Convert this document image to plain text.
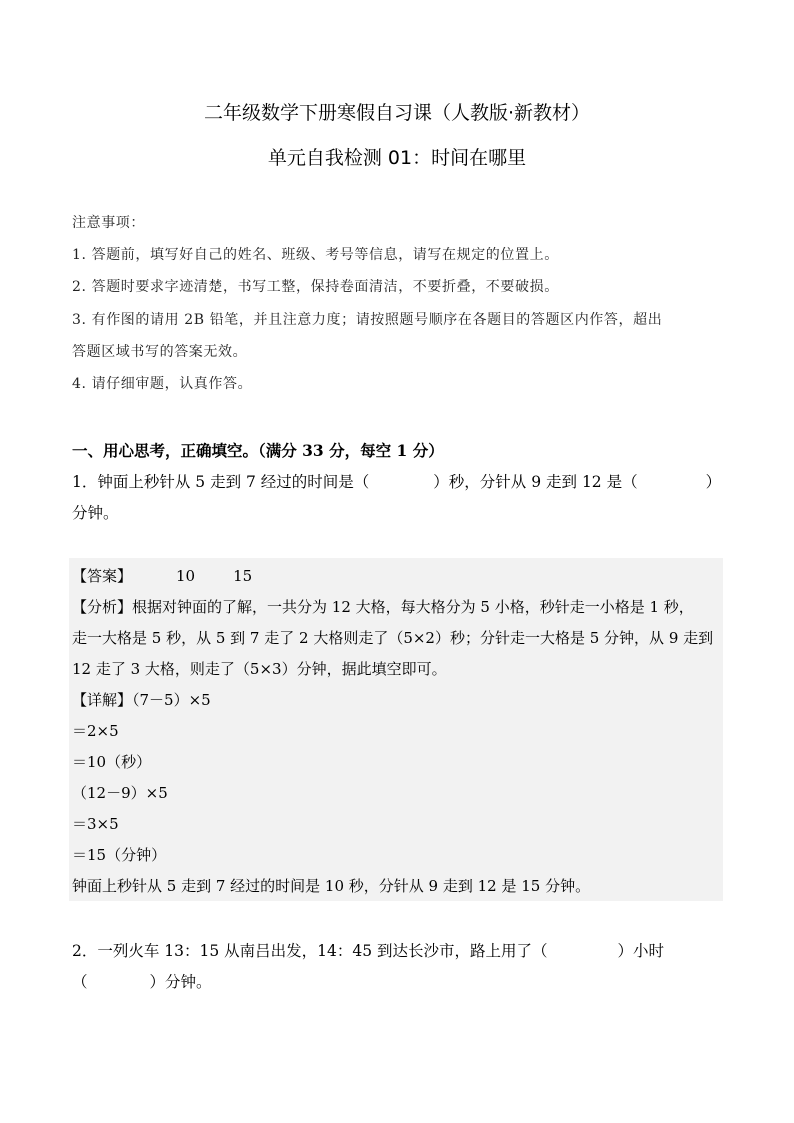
二年级数学下册寒假自习课（人教版·新教材）
单元自我检测 01：时间在哪里
注意事项：
1. 答题前，填写好自己的姓名、班级、考号等信息，请写在规定的位置上。
2. 答题时要求字迹清楚，书写工整，保持卷面清洁，不要折叠，不要破损。
3. 有作图的请用 2B 铅笔，并且注意力度；请按照题号顺序在各题目的答题区内作答，超出
答题区域书写的答案无效。
4. 请仔细审题，认真作答。
一、用心思考，正确填空。（满分 33 分，每空 1 分）
1．钟面上秒针从 5 走到 7 经过的时间是（	）秒，分针从 9 走到 12 是（	）
分钟。
【答案】	10	15
【分析】根据对钟面的了解，一共分为 12 大格，每大格分为 5 小格，秒针走一小格是 1 秒，
走一大格是 5 秒，从 5 到 7 走了 2 大格则走了（5×2）秒；分针走一大格是 5 分钟，从 9 走到
12 走了 3 大格，则走了（5×3）分钟，据此填空即可。
【详解】（7－5）×5
＝2×5
＝10（秒）
（12－9）×5
＝3×5
＝15（分钟）
钟面上秒针从 5 走到 7 经过的时间是 10 秒，分针从 9 走到 12 是 15 分钟。
2．一列火车 13：15 从南吕出发，14：45 到达长沙市，路上用了（	）小时
（	）分钟。
